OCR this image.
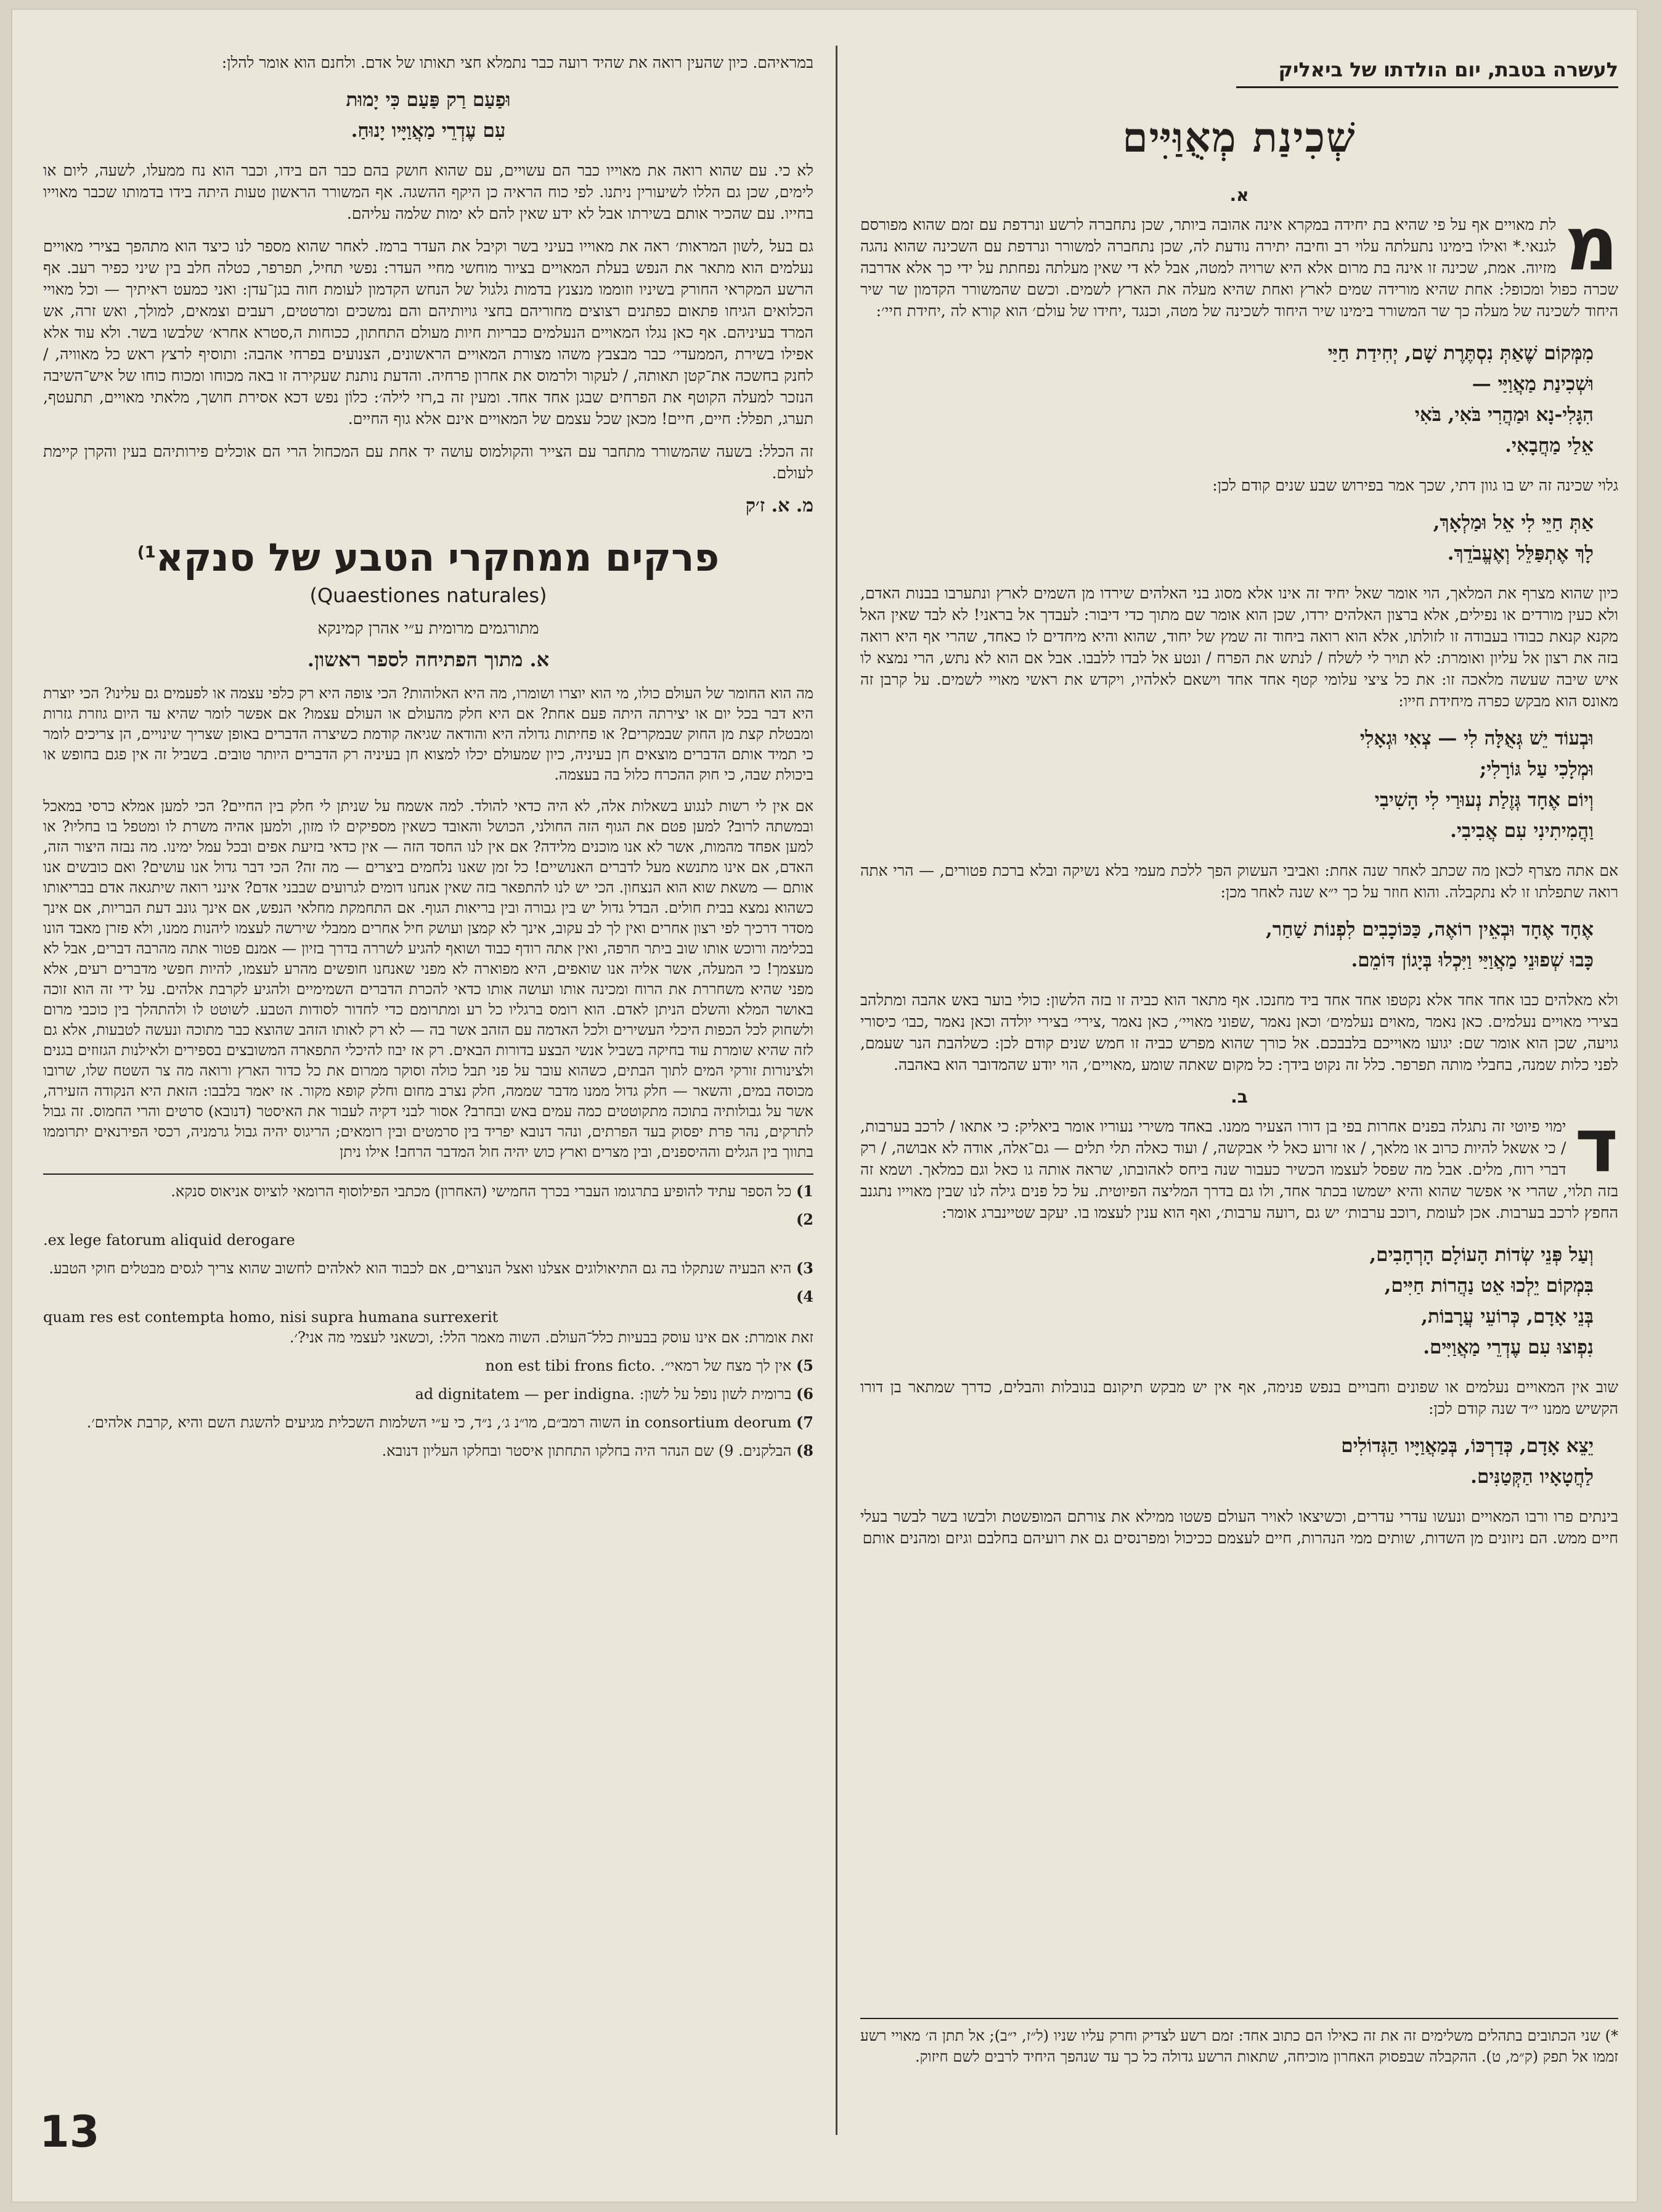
לעשרה בטבת, יום הולדתו של ביאליק
שְׁכִינַת מְאֻוַּיִּים
א.
מ

לת מאויים אף על פי שהיא בת יחידה במקרא אינה אהובה ביותר, שכן נתחברה לרשע ונרדפת עם זמם שהוא מפורסם לגנאי.* ואילו בימינו נתעלתה עלוי רב וחיבה יתירה נודעת לה, שכן נתחברה למשורר ונרדפת עם השכינה שהוא נהגה מזיוה. אמת, שכינה זו אינה בת מרום אלא היא שרויה למטה, אבל לא די שאין מעלתה נפחתת על ידי כך אלא אדרבה שכרה כפול ומכופל: אחת שהיא מורידה שמים לארץ ואחת שהיא מעלה את הארץ לשמים. וכשם שהמשורר הקדמון שר שיר היחוד לשכינה של מעלה כך שר המשורר בימינו שיר היחוד לשכינה של מטה, וכנגד ,יחידו של עולם׳ הוא קורא לה ,יחידת חיי׳:

מִמְּקוֹם שֶׁאַתְּ נִסְתֶּרֶת שָׁם, יְחִידַת חַיַּי
וּשְׁכִינַת מַאֲוַיַּי —
הִגָּלִי-נָא וּמַהֲרִי בֹּאִי, בֹּאִי
אֵלַי מַחֲבָאִי.

גלוי שכינה זה יש בו גוון דתי, שכך אמר בפירוש שבע שנים קודם לכן:

אַתְּ חַיֵּי לִי אֵל וּמַלְאָךְ,
לָךְ אֶתְפַּלֵּל וְאֶעֱבֹדֵךְ.

כיון שהוא מצרף את המלאך, הוי אומר שאל יחיד זה אינו אלא מסוג בני האלהים שירדו מן השמים לארץ ונתערבו בבנות האדם, ולא כעין מורדים או נפילים, אלא ברצון האלהים ירדו, שכן הוא אומר שם מתוך כדי דיבור: לעבדך אל בראני! לא לבד שאין האל מקנא קנאת כבודו בעבודה זו לזולתו, אלא הוא רואה ביחוד זה שמץ של יחוד, שהוא והיא מיחדים לו כאחד, שהרי אף היא רואה בזה את רצון אל עליון ואומרת: לא תויר לי לשלח / לנתש את הפרח / ונטע אל לבדו ללבבו. אבל אם הוא לא נתש, הרי נמצא לו איש שיבה שעשה מלאכה זו: את כל ציצי עלומי קטף אחד אחד וישאם לאלהיו, ויקדש את ראשי מאויי לשמים. על קרבן זה מאונס הוא מבקש כפרה מיחידת חייו:

וּבְעוֹד יֵשׁ גְּאֻלָּה לִי — צְאִי וּגְאָלִי
וּמְלָכִי עַל גּוֹרָלִי;
וְיוֹם אֶחָד גְּזֶלַת נְעוּרַי לִי הָשִׁיבִי
וַהֲמִיתִינִי עִם אֲבִיבִי.

אם אתה מצרף לכאן מה שכתב לאחר שנה אחת: ואביבי העשוק הפך ללכת מעמי בלא נשיקה ובלא ברכת פטורים, — הרי אתה רואה שתפלתו זו לא נתקבלה. והוא חוזר על כך י״א שנה לאחר מכן:

אֶחָד אֶחָד וּבְאֵין רוֹאֶה, כַּכּוֹכָבִים לִפְנוֹת שַׁחַר,
כָּבוּ שְׁפוּנֵי מַאֲוַיַּי וַיִּכְלוּ בְּיָגוֹן דּוֹמֵם.

ולא מאלהים כבו אחד אחד אלא נקטפו אחד אחד ביד מחנכו. אף מתאר הוא כביה זו בזה הלשון: כולי בוער באש אהבה ומתלהב בצירי מאויים נעלמים. כאן נאמר ,מאוים נעלמים׳ וכאן נאמר ,שפוני מאויי׳, כאן נאמר ,צירי׳ בצירי יולדה וכאן נאמר ,כבו׳ כיסורי גויעה, שכן הוא אומר שם: יגועו מאוייכם בלבבכם. אל כורך שהוא מפרש כביה זו חמש שנים קודם לכן: כשלהבת הנר שעמם, לפני כלות שמנה, בחבלי מותה תפרפר. כלל זה נקוט בידך: כל מקום שאתה שומע ,מאויים׳, הוי יודע שהמדובר הוא באהבה.

ב.
ד

ימוי פיוטי זה נתגלה בפנים אחרות בפי בן דורו הצעיר ממנו. באחד משירי נעוריו אומר ביאליק: כי אתאו / לרכב בערבות, / כי אשאל להיות כרוב או מלאך, / או זרוע כאל לי אבקשה, / ועוד כאלה תלי תלים — גם־אלה, אודה לא אבושה, / רק דברי רוח, מלים. אבל מה שפסל לעצמו הכשיר כעבור שנה ביחס לאהובתו, שראה אותה גו כאל וגם כמלאך. ושמא זה בזה תלוי, שהרי אי אפשר שהוא והיא ישמשו בכתר אחד, ולו גם בדרך המליצה הפיוטית. על כל פנים גילה לנו שבין מאוייו נתגנב החפץ לרכב בערבות. אכן לעומת ,רוכב ערבות׳ יש גם ,רועה ערבות׳, ואף הוא ענין לעצמו בו. יעקב שטיינברג אומר:

וְעַל פְּנֵי שְׂדוֹת הָעוֹלָם הָרְחָבִים,
בִּמְקוֹם יֵלְכוּ אֵט נַהֲרוֹת חַיִּים,
בְּנֵי אָדָם, כְּרוֹעֵי עֲרָבוֹת,
נִפְוצוּ עִם עֶדְרֵי מַאֲוַיִּים.

שוב אין המאויים נעלמים או שפונים וחבויים בנפש פנימה, אף אין יש מבקש תיקונם בנובלות והבלים, כדרך שמתאר בן דורו הקשיש ממנו י״ד שנה קודם לכן:

יֵצֵא אָדָם, כְּדַרְכּוֹ, בְּמַאֲוַיָּיו הַגְּדוֹלִים
לַחֲטָאָיו הַקְּטַנִּים.

בינתים פרו ורבו המאויים ונעשו עדרי עדרים, וכשיצאו לאויר העולם פשטו ממילא את צורתם המופשטת ולבשו בשר לבשר בעלי חיים ממש. הם ניזונים מן השדות, שותים ממי הנהרות, חיים לעצמם ככיכול ומפרנסים גם את רועיהם בחלבם וגיזם ומהנים אותם

*) שני הכתובים בתהלים משלימים זה את זה כאילו הם כתוב אחד: זמם רשע לצדיק וחרק עליו שניו (ל״ז, י״ב); אל תתן ה׳ מאויי רשע זממו אל תפק (ק״מ, ט). ההקבלה שבפסוק האחרון מוכיחה, שתאות הרשע גדולה כל כך עד שנהפך היחיד לרבים לשם חיזוק.

במראיהם. כיון שהעין רואה את שהיד רועה כבר נתמלא חצי תאותו של אדם. ולחנם הוא אומר להלן:

וּפַעַם רַק פַּעַם כִּי יָמוּת
עִם עֶדְרֵי מַאֲוַיָּיו יָנוּחַ.

לא כי. עם שהוא רואה את מאוייו כבר הם עשויים, עם שהוא חושק בהם כבר הם בידו, וכבר הוא נח ממעלו, לשעה, ליום או לימים, שכן גם הללו לשיעורין ניתנו. לפי כוח הראיה כן היקף ההשגה. אף המשורר הראשון טעות היתה בידו בדמותו שכבר מאוייו בחייו. עם שהכיר אותם בשירתו אבל לא ידע שאין להם לא ימות שלמה עליהם.

גם בעל ,לשון המראות׳ ראה את מאוייו בעיני בשר וקיבל את העדר ברמז. לאחר שהוא מספר לנו כיצד הוא מתהפך בצירי מאויים נעלמים הוא מתאר את הנפש בעלת המאויים בציור מוחשי מחיי העדר: נפשי תחיל, תפרפר, כטלה חלב בין שיני כפיר רעב. אף הרשע המקראי החורק בשיניו וזוממו מנצנץ בדמות גלגול של הנחש הקדמון לעומת חוה בגן־עדן: ואני כמעט ראיתיך — וכל מאויי הכלואים הגיחו פתאום כפתנים רצוצים מחוריהם בחצי גויותיהם והם נמשכים ומרטטים, רעבים וצמאים, למולך, ואש זרה, אש המרד בעיניהם. אף כאן נגלו המאויים הנעלמים כבריות חיות מעולם התחתון, ככוחות ה,סטרא אחרא׳ שלבשו בשר. ולא עוד אלא אפילו בשירת ,הממעדי׳ כבר מבצבץ משהו מצורת המאויים הראשונים, הצנועים בפרחי אהבה: ותוסיף לרצץ ראש כל מאוויה, / לחנק בחשכה את־קטן תאותה, / לעקור ולרמוס את אחרון פרחיה. והדעת נותנת שעקירה זו באה מכוחו ומכוח כוחו של איש־השיבה הנזכר למעלה הקוטף את הפרחים שבגן אחד אחד. ומעין זה ב,רזי לילה׳: כלוֹן נפש דכא אסירת חושך, מלאתי מאויים, תתעטף, תערג, תפלל: חיים, חיים! מכאן שכל עצמם של המאויים אינם אלא גוף החיים.

זה הכלל: בשעה שהמשורר מתחבר עם הצייר והקולמוס עושה יד אחת עם המכחול הרי הם אוכלים פירותיהם בעין והקרן קיימת לעולם.

מ. א. ז׳ק
פרקים ממחקרי הטבע של סנקא$^{1)}$
(Quaestiones naturales)
מתורגמים מרומית ע״י אהרן קמינקא
א. מתוך הפתיחה לספר ראשון.

מה הוא החומר של העולם כולו, מי הוא יוצרו ושומרו, מה היא האלוהות? הכי צופה היא רק כלפי עצמה או לפעמים גם עלינו? הכי יוצרת היא דבר בכל יום או יצירתה היתה פעם אחת? אם היא חלק מהעולם או העולם עצמו? אם אפשר לומר שהיא עד היום גוזרת גזרות ומבטלת קצת מן החוק שבמקרים? או פחיתות גדולה היא והודאה שגיאה קודמת כשיצרה הדברים באופן שצריך שינויים, הן צריכים לומר כי תמיד אותם הדברים מוצאים חן בעיניה, כיון שמעולם יכלו למצוא חן בעיניה רק הדברים היותר טובים. בשביל זה אין פגם בחופש או ביכולת שבה, כי חוק ההכרח כלול בה בעצמה.

אם אין לי רשות לנגוע בשאלות אלה, לא היה כדאי להולד. למה אשמח על שניתן לי חלק בין החיים? הכי למען אמלא כרסי במאכל ובמשתה לרוב? למען פטם את הגוף הזה החולני, הכושל והאובד כשאין מספיקים לו מזון, ולמען אהיה משרת לו ומטפל בו בחליו? או למען אפחד מהמות, אשר לא אנו מוכנים מלידה? אם אין לנו החסד הזה — אין כדאי בזיעת אפים ובכל עמל ימינו. מה נבזה היצור הזה, האדם, אם אינו מתנשא מעל לדברים האנושיים! כל זמן שאנו נלחמים ביצרים — מה זה? הכי דבר גדול אנו עושים? ואם כובשים אנו אותם — משאת שוא הוא הנצחון. הכי יש לנו להתפאר בזה שאין אנחנו דומים לגרועים שבבני אדם? אינני רואה שיתגאה אדם בבריאותו כשהוא נמצא בבית חולים. הבדל גדול יש בין גבורה ובין בריאות הגוף. אם התחמקת מחלאי הנפש, אם אינך גונב דעת הבריות, אם אינך מסדר דרכיך לפי רצון אחרים ואין לך לב עקוב, אינך לא קמצן ועושק חיל אחרים ממבלי שירשה לעצמו ליהנות ממנו, ולא פזרן מאבד הונו בכלימה ורוכש אותו שוב ביתר חרפה, ואין אתה רודף כבוד ושואף להגיע לשררה בדרך בזיון — אמנם פטור אתה מהרבה דברים, אבל לא מעצמך! כי המעלה, אשר אליה אנו שואפים, היא מפוארה לא מפני שאנחנו חופשים מהרע לעצמו, להיות חפשי מדברים רעים, אלא מפני שהיא משחררת את הרוח ומכינה אותו ועושה אותו כדאי להכרת הדברים השמימיים ולהגיע לקרבת אלהים. על ידי זה הוא זוכה באושר המלא והשלם הניתן לאדם. הוא רומס ברגליו כל רע ומתרומם כדי לחדור לסודות הטבע. לשוטט לו ולהתהלך בין כוכבי מרום ולשחוק לכל הכפות היכלי העשירים ולכל האדמה עם הזהב אשר בה — לא רק לאותו הזהב שהוצא כבר מתוכה ונעשה לטבעות, אלא גם לזה שהיא שומרת עוד בחיקה בשביל אנשי הבצע בדורות הבאים. רק אז יבוז להיכלי התפארה המשובצים בספירים ולאילנות הגזוזים בגנים ולצינורות זורקי המים לתוך הבתים, כשהוא עובר על פני תבל כולה וסוקר ממרום את כל כדור הארץ ורואה מה צר השטח שלו, שרובו מכוסה במים, והשאר — חלק גדול ממנו מדבר שממה, חלק נצרב מחום וחלק קופא מקור. אז יאמר בלבבו: הזאת היא הנקודה הזעירה, אשר על גבולותיה בתוכה מתקוטטים כמה עמים באש ובחרב? אסור לבני דקיה לעבור את האיסטר (דנובא) סרטים והרי החמוס. זה גבול לתרקים, נהר פרת יפסוק בעד הפרתים, ונהר דנובא יפריד בין סרמטים ובין רומאים; הריגוס יהיה גבול גרמניה, רכסי הפירנאים יתרוממו בתווך בין הגלים וההיספנים, ובין מצרים וארץ כוש יהיה חול המדבר הרחב! אילו ניתן

1) כל הספר עתיד להופיע בתרגומו העברי בכרך החמישי (האחרון) מכתבי הפילוסוף הרומאי לוציוס אניאוס סנקא.
2)
.ex lege fatorum aliquid derogare
3) היא הבעיה שנתקלו בה גם התיאולוגים אצלנו ואצל הנוצרים, אם לכבוד הוא לאלהים לחשוב שהוא צריך לגסים מבטלים חוקי הטבע.
4)
quam res est contempta homo, nisi supra humana surrexerit
זאת אומרת: אם אינו עוסק בבעיות כלל־העולם. השוה מאמר הלל: ,וכשאני לעצמי מה אני?׳.
5) אין לך מצח של רמאי״. .non est tibi frons ficto
6) ברומית לשון נופל על לשון: .ad dignitatem — per indigna
7) in consortium deorum השוה רמב״ם, מו״נ ג׳, נ״ד, כי ע״י השלמות השכלית מגיעים להשגת השם והיא ,קרבת אלהים׳.
8) הבלקנים. 9) שם הנהר היה בחלקו התחתון איסטר ובחלקו העליון דנובא.
13
